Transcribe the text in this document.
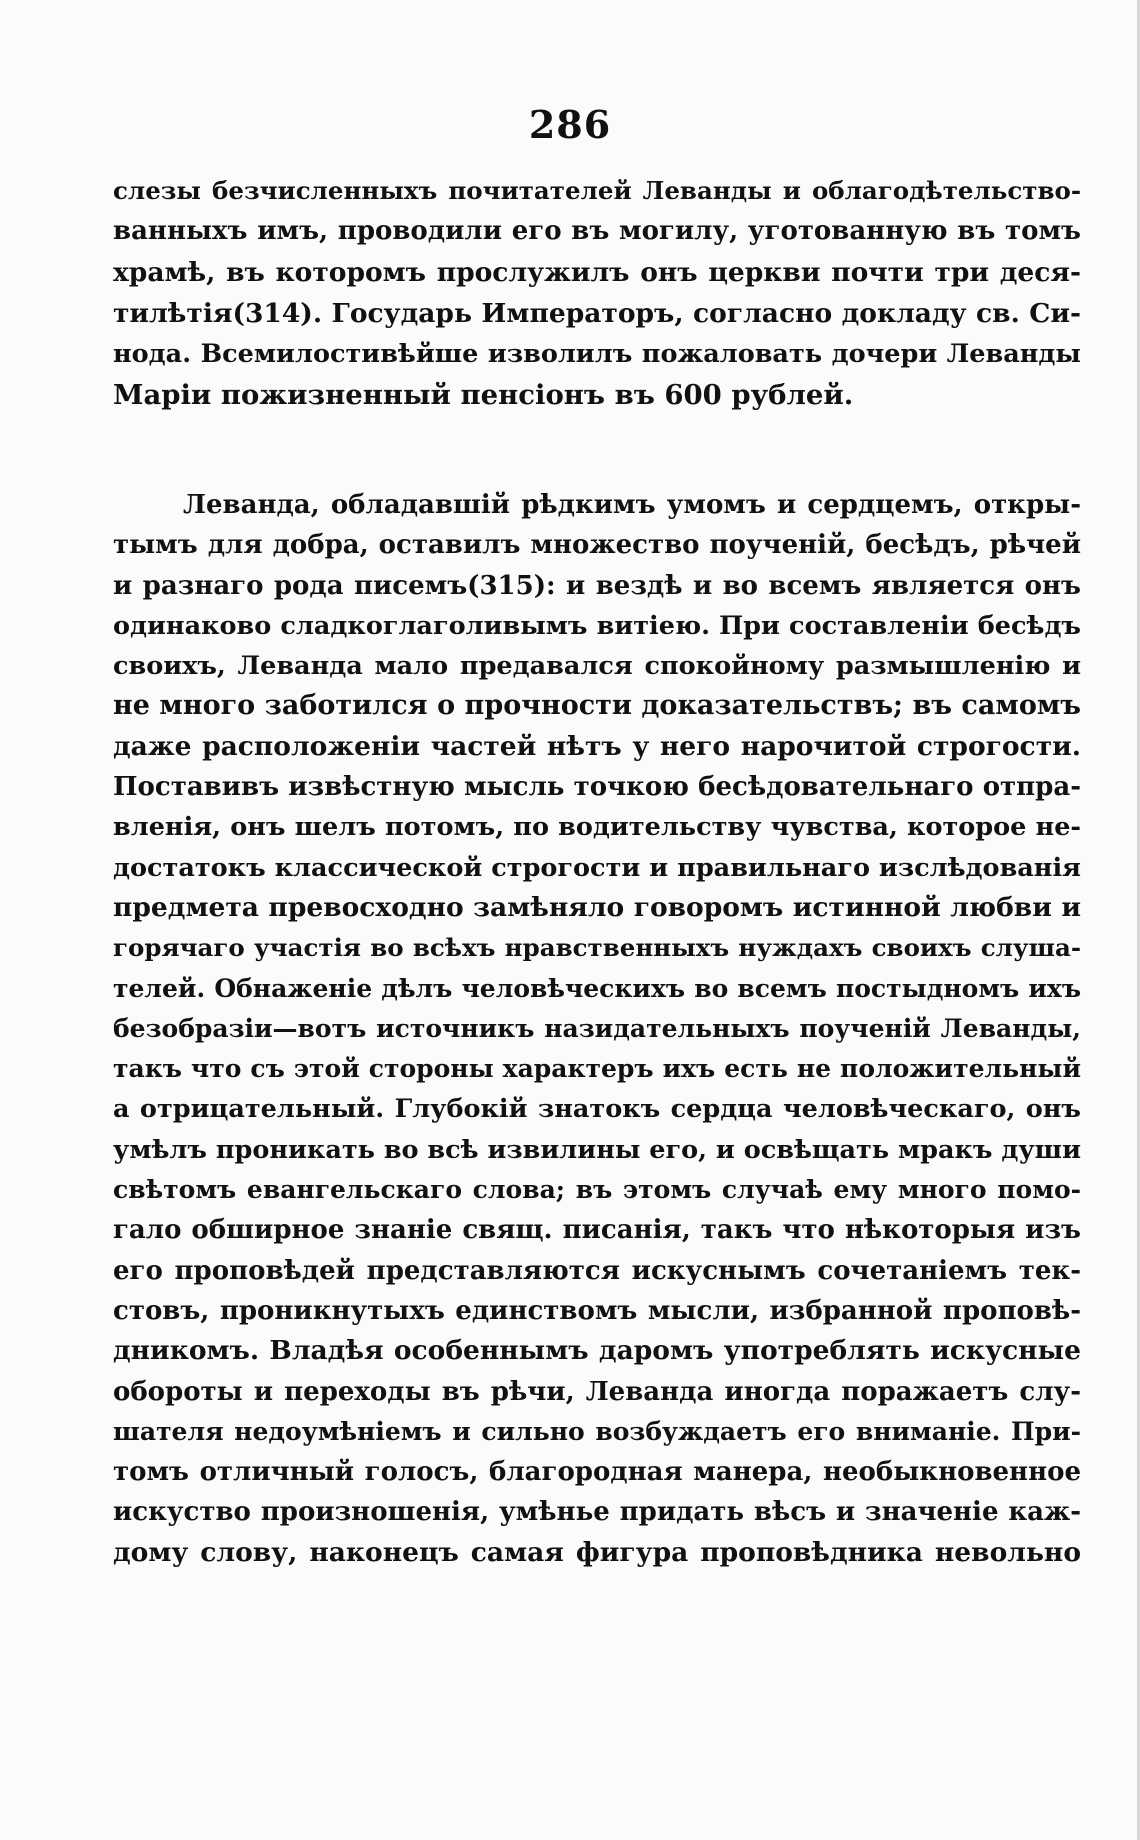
286
слезы безчисленныхъ почитателей Леванды и облагодѣтельство-
ванныхъ имъ, проводили его въ могилу, уготованную въ томъ
храмѣ, въ которомъ прослужилъ онъ церкви почти три деся-
тилѣтія(314). Государь Императоръ, согласно докладу св. Си-
нода. Всемилостивѣйше изволилъ пожаловать дочери Леванды
Маріи пожизненный пенсіонъ въ 600 рублей.
Леванда, обладавшій рѣдкимъ умомъ и сердцемъ, откры-
тымъ для добра, оставилъ множество поученій, бесѣдъ, рѣчей
и разнаго рода писемъ(315): и вездѣ и во всемъ является онъ
одинаково сладкоглаголивымъ витіею. При составленіи бесѣдъ
своихъ, Леванда мало предавался спокойному размышленію и
не много заботился о прочности доказательствъ; въ самомъ
даже расположеніи частей нѣтъ у него нарочитой строгости.
Поставивъ извѣстную мысль точкою бесѣдовательнаго отпра-
вленія, онъ шелъ потомъ, по водительству чувства, которое не-
достатокъ классической строгости и правильнаго изслѣдованія
предмета превосходно замѣняло говоромъ истинной любви и
горячаго участія во всѣхъ нравственныхъ нуждахъ своихъ слуша-
телей. Обнаженіе дѣлъ человѣческихъ во всемъ постыдномъ ихъ
безобразіи—вотъ источникъ назидательныхъ поученій Леванды,
такъ что съ этой стороны характеръ ихъ есть не положительный
а отрицательный. Глубокій знатокъ сердца человѣческаго, онъ
умѣлъ проникать во всѣ извилины его, и освѣщать мракъ души
свѣтомъ евангельскаго слова; въ этомъ случаѣ ему много помо-
гало обширное знаніе свящ. писанія, такъ что нѣкоторыя изъ
его проповѣдей представляются искуснымъ сочетаніемъ тек-
стовъ, проникнутыхъ единствомъ мысли, избранной проповѣ-
дникомъ. Владѣя особеннымъ даромъ употреблять искусные
обороты и переходы въ рѣчи, Леванда иногда поражаетъ слу-
шателя недоумѣніемъ и сильно возбуждаетъ его вниманіе. При-
томъ отличный голосъ, благородная манера, необыкновенное
искуство произношенія, умѣнье придать вѣсъ и значеніе каж-
дому слову, наконецъ самая фигура проповѣдника невольно
